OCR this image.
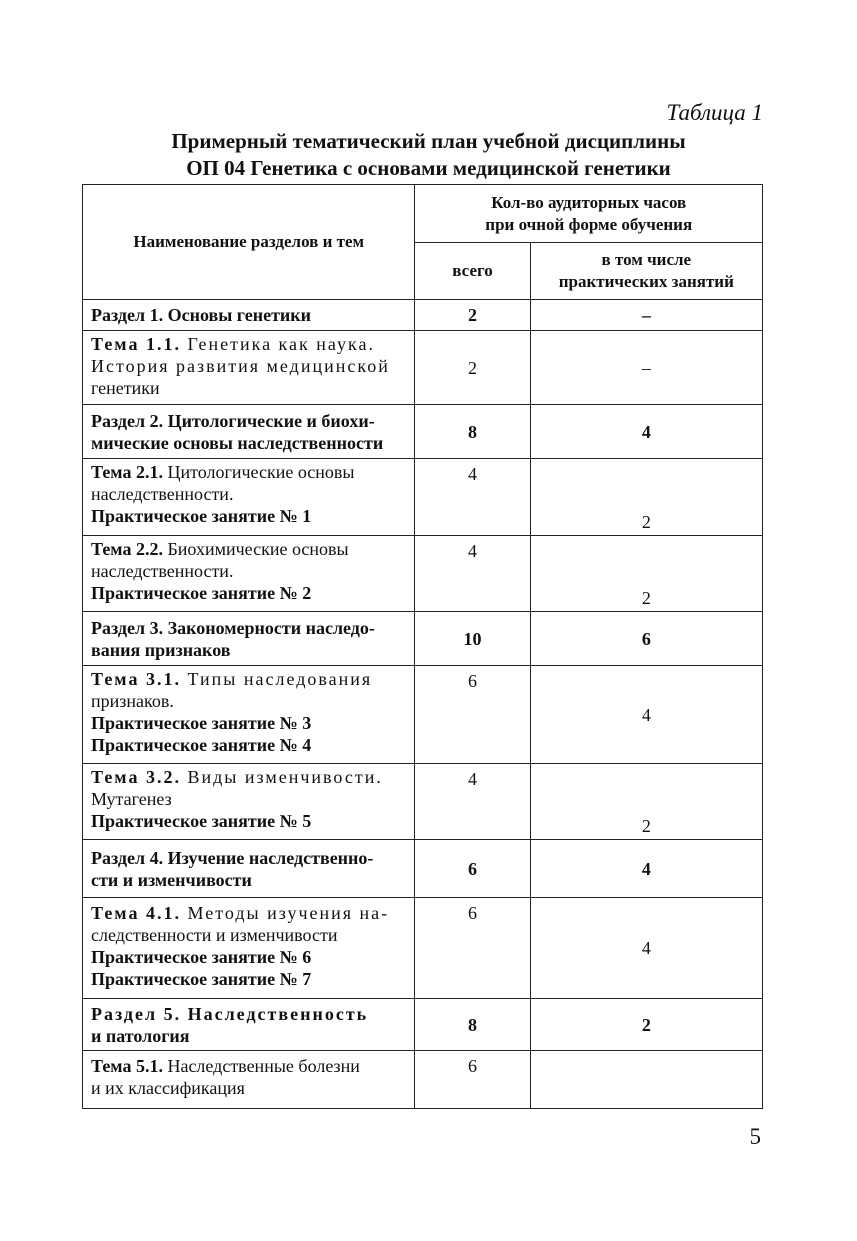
Таблица 1
Примерный тематический план учебной дисциплины
ОП 04 Генетика с основами медицинской генетики
Наименование разделов и тем	Кол-во аудиторных часов
при очной форме обучения	

	всего	в том числе
практических занятий

Раздел 1. Основы генетики	2	–

Тема 1.1. Генетика как наука.
История развития медицинской
генетики	2	–

Раздел 2. Цитологические и биохи-
мические основы наследственности	8	4

Тема 2.1. Цитологические основы
наследственности.
Практическое занятие № 1	4	2

Тема 2.2. Биохимические основы
наследственности.
Практическое занятие № 2	4	2

Раздел 3. Закономерности наследо-
вания признаков	10	6

Тема 3.1. Типы наследования
признаков.
Практическое занятие № 3
Практическое занятие № 4	6	4

Тема 3.2. Виды изменчивости.
Мутагенез
Практическое занятие № 5	4	2

Раздел 4. Изучение наследственно-
сти и изменчивости	6	4

Тема 4.1. Методы изучения на-
следственности и изменчивости
Практическое занятие № 6
Практическое занятие № 7	6	4

Раздел 5. Наследственность
и патология	8	2

Тема 5.1. Наследственные болезни
и их классификация	6	
5
